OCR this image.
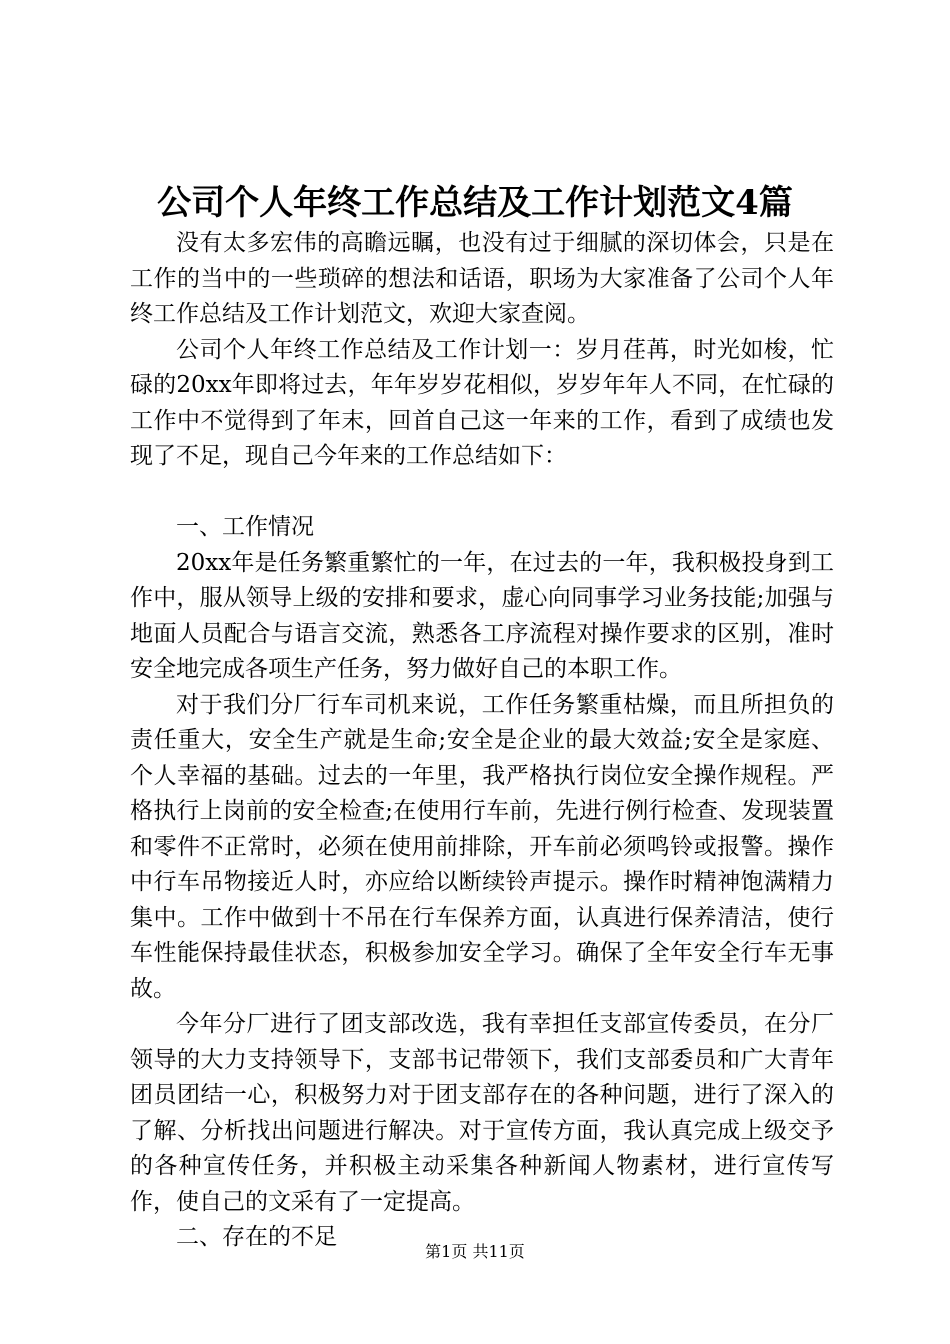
公司个人年终工作总结及工作计划范文4篇

没有太多宏伟的高瞻远瞩，也没有过于细腻的深切体会，只是在工作的当中的一些琐碎的想法和话语，职场为大家准备了公司个人年终工作总结及工作计划范文，欢迎大家查阅。

公司个人年终工作总结及工作计划一：岁月荏苒，时光如梭，忙碌的20xx年即将过去，年年岁岁花相似，岁岁年年人不同，在忙碌的工作中不觉得到了年末，回首自己这一年来的工作，看到了成绩也发现了不足，现自己今年来的工作总结如下：

一、工作情况

20xx年是任务繁重繁忙的一年，在过去的一年，我积极投身到工作中，服从领导上级的安排和要求，虚心向同事学习业务技能;加强与地面人员配合与语言交流，熟悉各工序流程对操作要求的区别，准时安全地完成各项生产任务，努力做好自己的本职工作。

对于我们分厂行车司机来说，工作任务繁重枯燥，而且所担负的责任重大，安全生产就是生命;安全是企业的最大效益;安全是家庭、个人幸福的基础。过去的一年里，我严格执行岗位安全操作规程。严格执行上岗前的安全检查;在使用行车前，先进行例行检查、发现装置和零件不正常时，必须在使用前排除，开车前必须鸣铃或报警。操作中行车吊物接近人时，亦应给以断续铃声提示。操作时精神饱满精力集中。工作中做到十不吊在行车保养方面，认真进行保养清洁，使行车性能保持最佳状态，积极参加安全学习。确保了全年安全行车无事故。

今年分厂进行了团支部改选，我有幸担任支部宣传委员，在分厂领导的大力支持领导下，支部书记带领下，我们支部委员和广大青年团员团结一心，积极努力对于团支部存在的各种问题，进行了深入的了解、分析找出问题进行解决。对于宣传方面，我认真完成上级交予的各种宣传任务，并积极主动采集各种新闻人物素材，进行宣传写作，使自己的文采有了一定提高。

二、存在的不足

第1页 共11页
